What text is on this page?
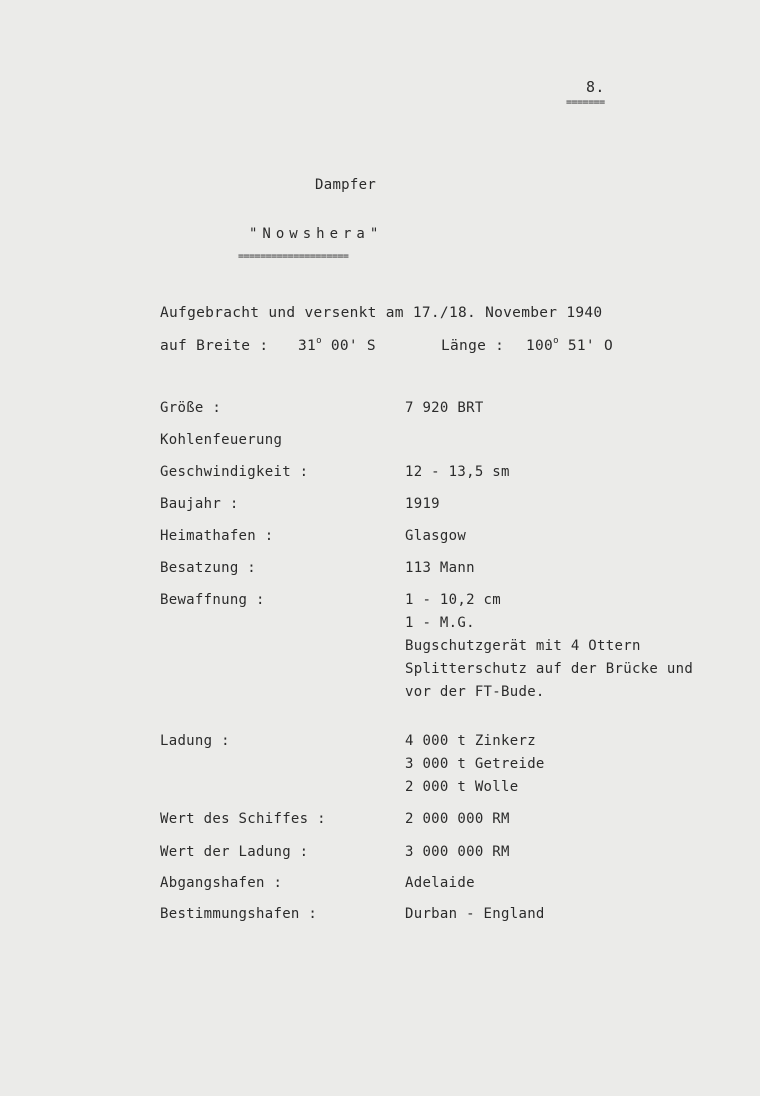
8.
=======
Dampfer
"Nowshera"
====================
Aufgebracht und versenkt am 17./18. November 1940
auf Breite : 31$^o$ 00' S	Länge : 100$^o$ 51' O
Größe :	7 920 BRT
Kohlenfeuerung
Geschwindigkeit :	12 - 13,5 sm
Baujahr :	1919
Heimathafen :	Glasgow
Besatzung :	113 Mann
Bewaffnung :	1 - 10,2 cm
1 - M.G.
Bugschutzgerät mit 4 Ottern
Splitterschutz auf der Brücke und
vor der FT-Bude.
Ladung :	4 000 t Zinkerz
3 000 t Getreide
2 000 t Wolle
Wert des Schiffes :	2 000 000 RM
Wert der Ladung :	3 000 000 RM
Abgangshafen :	Adelaide
Bestimmungshafen :	Durban - England
